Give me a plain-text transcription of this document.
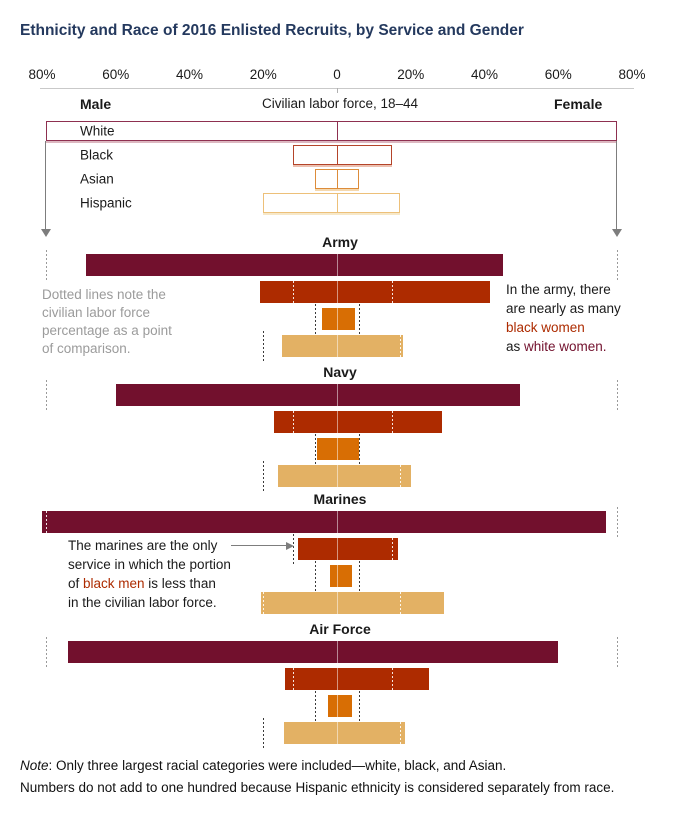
Ethnicity and Race of 2016 Enlisted Recruits, by Service and Gender
80%	60%	40%	20%	0	20%	40%	60%	80%
Male	Civilian labor force, 18–44	Female
White
Black
Asian
Hispanic
Army
Navy
Marines
Air Force
Dotted lines note the
civilian labor force
percentage as a point
of comparison.
In the army, there
are nearly as many
black women
as white women.
The marines are the only
service in which the portion
of black men is less than
in the civilian labor force.
Note: Only three largest racial categories were included—white, black, and Asian.
Numbers do not add to one hundred because Hispanic ethnicity is considered separately from race.
